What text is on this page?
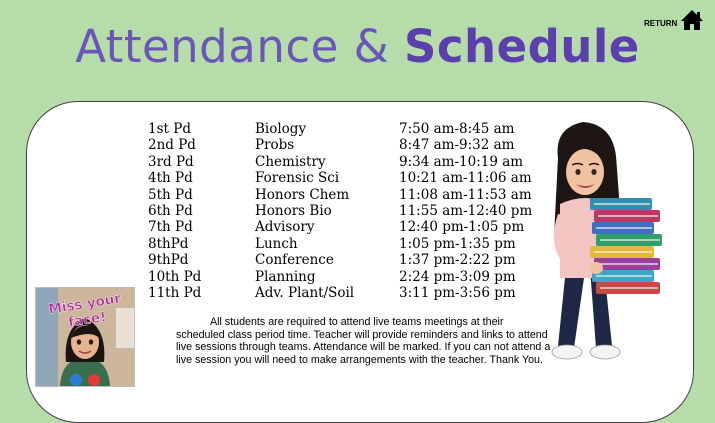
RETURN
Attendance & Schedule
1st Pd	Biology	7:50 am-8:45 am
2nd Pd	Probs	8:47 am-9:32 am
3rd Pd	Chemistry	9:34 am-10:19 am
4th Pd	Forensic Sci	10:21 am-11:06 am
5th Pd	Honors Chem	11:08 am-11:53 am
6th Pd	Honors Bio	11:55 am-12:40 pm
7th Pd	Advisory	12:40 pm-1:05 pm
8thPd	Lunch	1:05 pm-1:35 pm
9thPd	Conference	1:37 pm-2:22 pm
10th Pd	Planning	2:24 pm-3:09 pm
11th Pd	Adv. Plant/Soil	3:11 pm-3:56 pm
All students are required to attend live teams meetings at their scheduled class period time. Teacher will provide reminders and links to attend live sessions through teams. Attendance will be marked. If you can not attend a live session you will need to make arrangements with the teacher. Thank You.
Miss your face!
